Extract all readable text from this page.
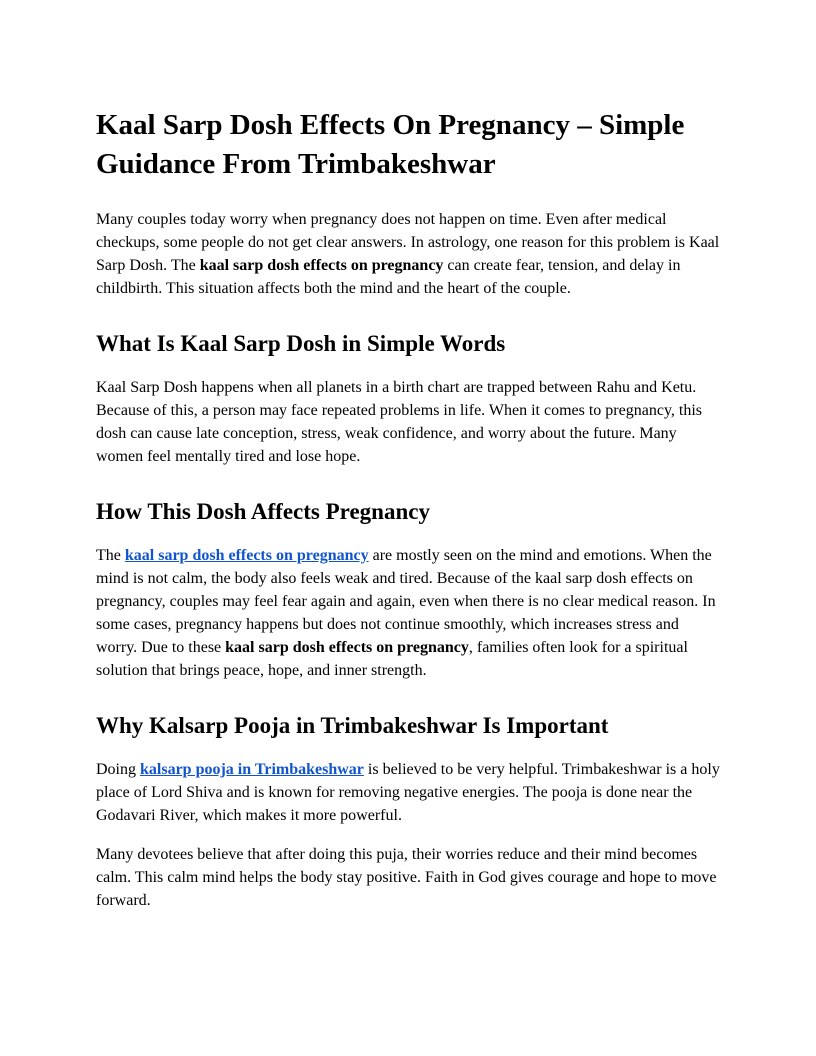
Kaal Sarp Dosh Effects On Pregnancy – Simple Guidance From Trimbakeshwar

Many couples today worry when pregnancy does not happen on time. Even after medical checkups, some people do not get clear answers. In astrology, one reason for this problem is Kaal Sarp Dosh. The kaal sarp dosh effects on pregnancy can create fear, tension, and delay in childbirth. This situation affects both the mind and the heart of the couple.

What Is Kaal Sarp Dosh in Simple Words

Kaal Sarp Dosh happens when all planets in a birth chart are trapped between Rahu and Ketu. Because of this, a person may face repeated problems in life. When it comes to pregnancy, this dosh can cause late conception, stress, weak confidence, and worry about the future. Many women feel mentally tired and lose hope.

How This Dosh Affects Pregnancy

The kaal sarp dosh effects on pregnancy are mostly seen on the mind and emotions. When the mind is not calm, the body also feels weak and tired. Because of the kaal sarp dosh effects on pregnancy, couples may feel fear again and again, even when there is no clear medical reason. In some cases, pregnancy happens but does not continue smoothly, which increases stress and worry. Due to these kaal sarp dosh effects on pregnancy, families often look for a spiritual solution that brings peace, hope, and inner strength.

Why Kalsarp Pooja in Trimbakeshwar Is Important

Doing kalsarp pooja in Trimbakeshwar is believed to be very helpful. Trimbakeshwar is a holy place of Lord Shiva and is known for removing negative energies. The pooja is done near the Godavari River, which makes it more powerful.

Many devotees believe that after doing this puja, their worries reduce and their mind becomes calm. This calm mind helps the body stay positive. Faith in God gives courage and hope to move forward.
